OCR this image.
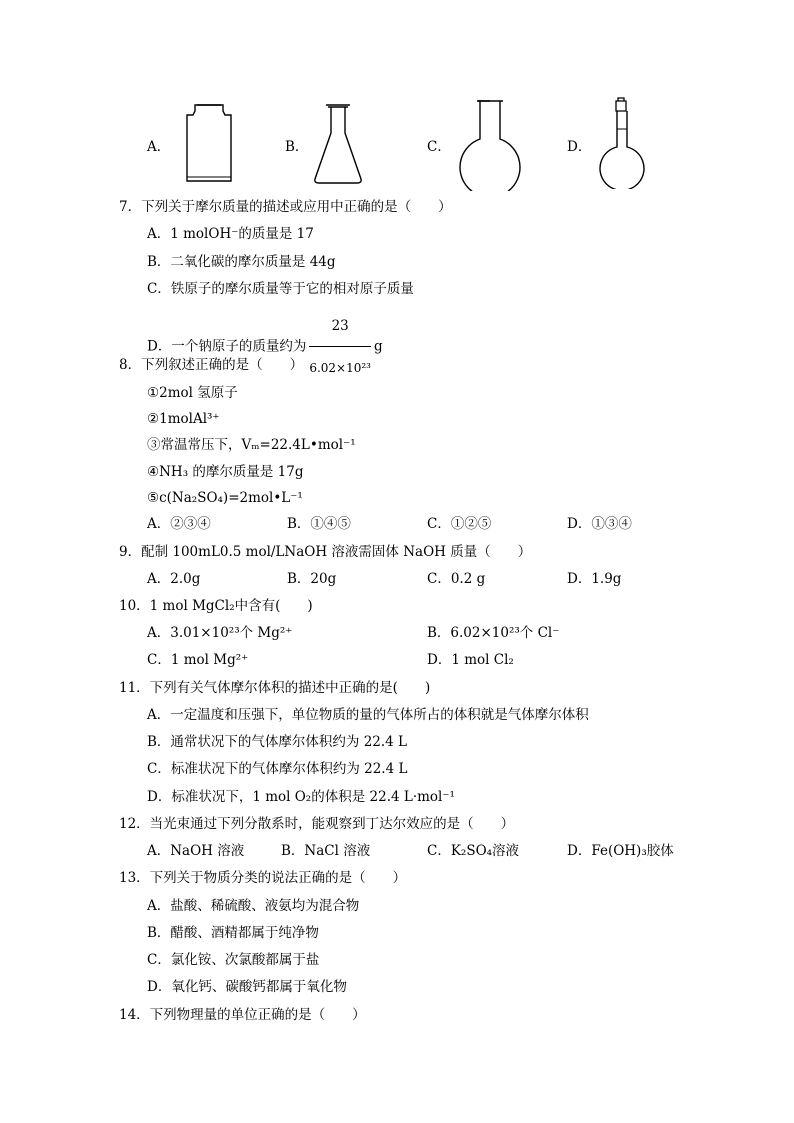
A．	B．	C．	D．
7．下列关于摩尔质量的描述或应用中正确的是（　　）
A．1 molOH⁻的质量是 17
B．二氧化碳的摩尔质量是 44g
C．铁原子的摩尔质量等于它的相对原子质量
D．一个钠原子的质量约为 $\frac{23}{\text{6.02×10²³}}$ g
8．下列叙述正确的是（　　）
①2mol 氢原子
②1molAl³⁺
③常温常压下，Vₘ=22.4L•mol⁻¹
④NH₃ 的摩尔质量是 17g
⑤c(Na₂SO₄)=2mol•L⁻¹
A．②③④	B．①④⑤	C．①②⑤	D．①③④
9．配制 100mL0.5 mol/LNaOH 溶液需固体 NaOH 质量（　　）
A．2.0g	B．20g	C．0.2 g	D．1.9g
10．1 mol MgCl₂中含有(　　)
A．3.01×10²³个 Mg²⁺	B．6.02×10²³个 Cl⁻
C．1 mol Mg²⁺	D．1 mol Cl₂
11．下列有关气体摩尔体积的描述中正确的是(　　)
A．一定温度和压强下，单位物质的量的气体所占的体积就是气体摩尔体积
B．通常状况下的气体摩尔体积约为 22.4 L
C．标准状况下的气体摩尔体积约为 22.4 L
D．标准状况下，1 mol O₂的体积是 22.4 L·mol⁻¹
12．当光束通过下列分散系时，能观察到丁达尔效应的是（　　）
A．NaOH 溶液	B．NaCl 溶液	C．K₂SO₄溶液	D．Fe(OH)₃胶体
13．下列关于物质分类的说法正确的是（　　）
A．盐酸、稀硫酸、液氨均为混合物
B．醋酸、酒精都属于纯净物
C．氯化铵、次氯酸都属于盐
D．氧化钙、碳酸钙都属于氧化物
14．下列物理量的单位正确的是（　　）
